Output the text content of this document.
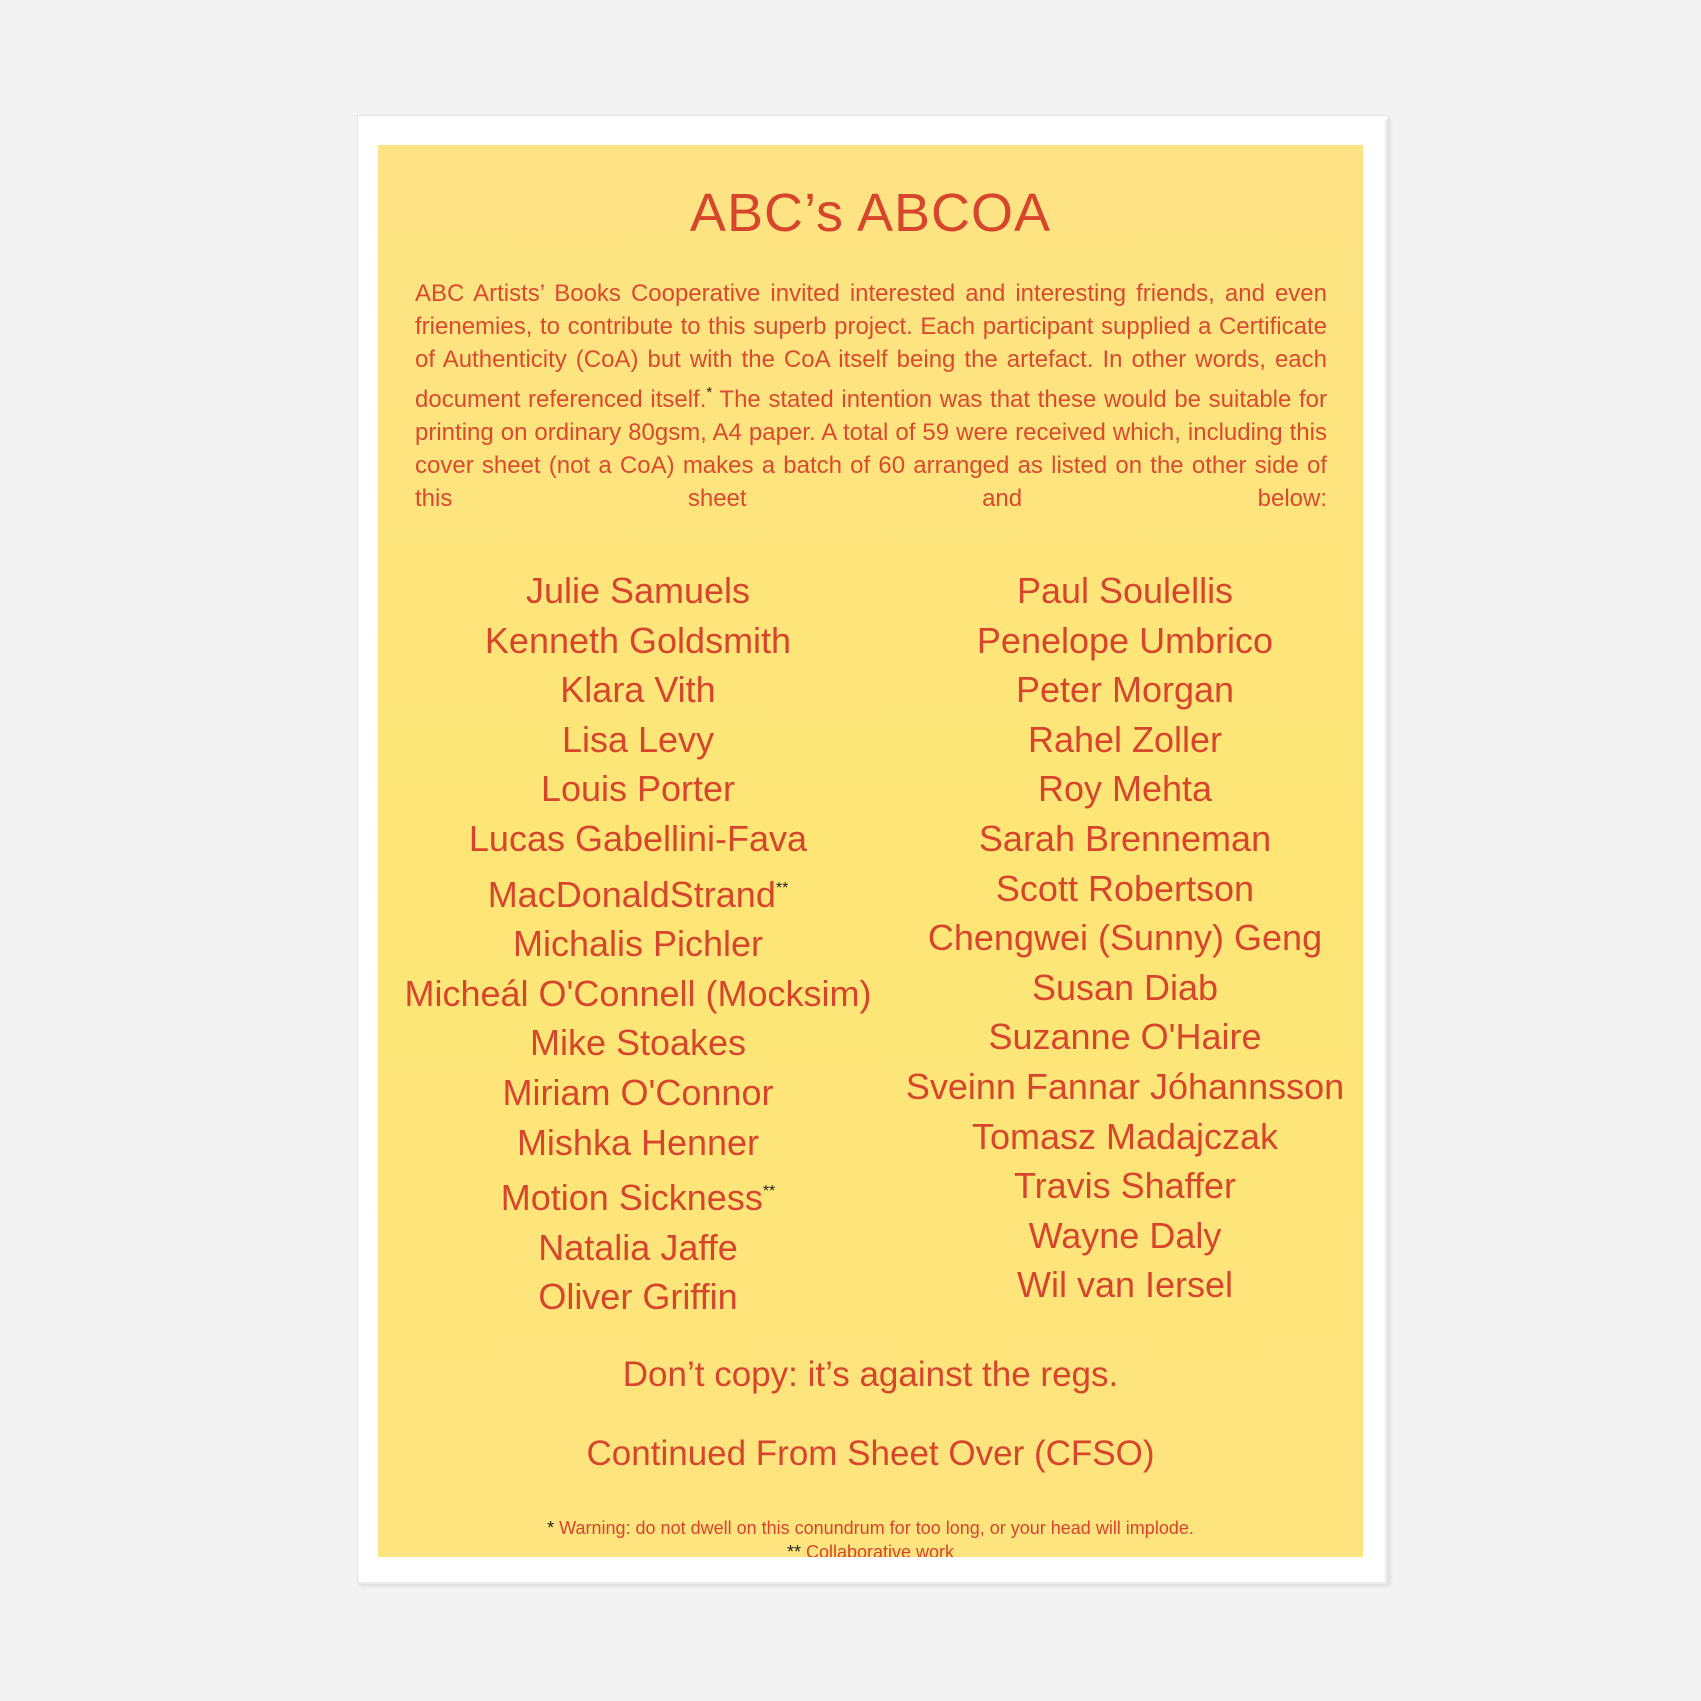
ABC’s ABCOA
ABC Artists’ Books Cooperative invited interested and interesting friends, and even frienemies, to contribute to this superb project. Each participant supplied a Certificate of Authenticity (CoA) but with the CoA itself being the artefact. In other words, each document referenced itself.* The stated intention was that these would be suitable for printing on ordinary 80gsm, A4 paper. A total of 59 were received which, including this cover sheet (not a CoA) makes a batch of 60 arranged as listed on the other side of this sheet and below:
Julie Samuels
Kenneth Goldsmith
Klara Vith
Lisa Levy
Louis Porter
Lucas Gabellini-Fava
MacDonaldStrand**
Michalis Pichler
Micheál O'Connell (Mocksim)
Mike Stoakes
Miriam O'Connor
Mishka Henner
Motion Sickness**
Natalia Jaffe
Oliver Griffin
Paul Soulellis
Penelope Umbrico
Peter Morgan
Rahel Zoller
Roy Mehta
Sarah Brenneman
Scott Robertson
Chengwei (Sunny) Geng
Susan Diab
Suzanne O'Haire
Sveinn Fannar Jóhannsson
Tomasz Madajczak
Travis Shaffer
Wayne Daly
Wil van Iersel
Don’t copy: it’s against the regs.
Continued From Sheet Over (CFSO)
* Warning: do not dwell on this conundrum for too long, or your head will implode.
** Collaborative work
